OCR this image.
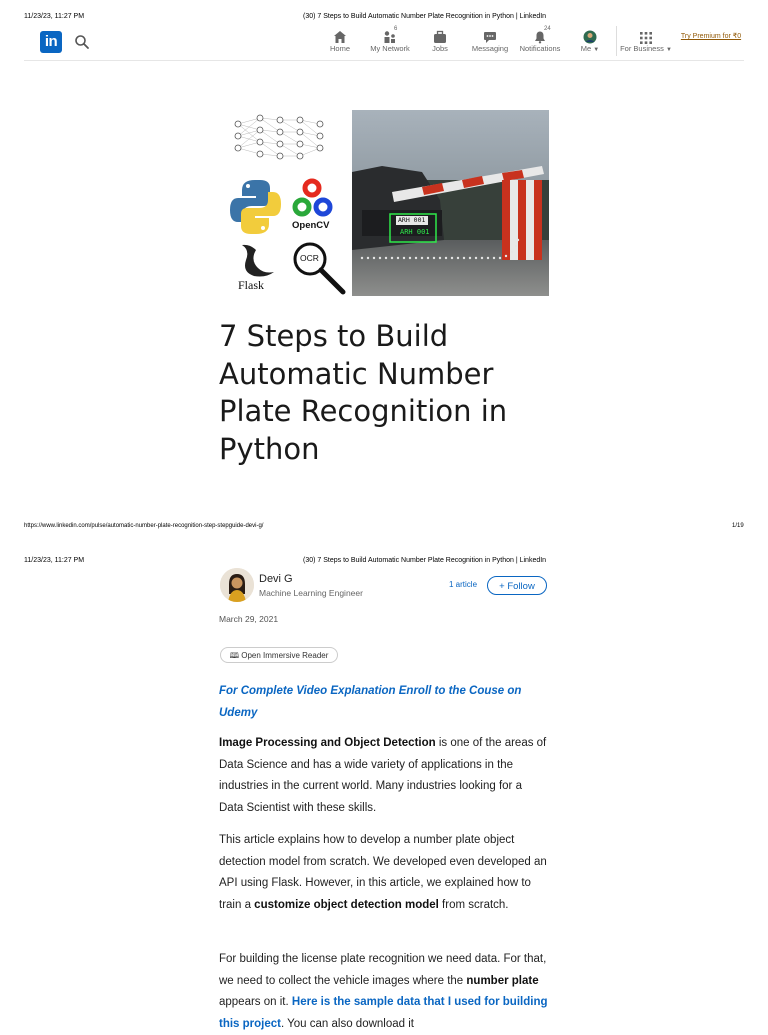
11/23/23, 11:27 PM	(30) 7 Steps to Build Automatic Number Plate Recognition in Python | LinkedIn
in	Home
6
My Network	Jobs	Messaging
24
Notifications	Me ▼	For Business ▼
Try Premium for ₹0
OpenCV
Flask
OCR
ARH 001
ARH 001
7 Steps to Build Automatic Number Plate Recognition in Python
https://www.linkedin.com/pulse/automatic-number-plate-recognition-step-stepguide-devi-g/	1/19
11/23/23, 11:27 PM	(30) 7 Steps to Build Automatic Number Plate Recognition in Python | LinkedIn
Devi G
Machine Learning Engineer
1 article	+ Follow
March 29, 2021
🕮 Open Immersive Reader
For Complete Video Explanation Enroll to the Couse on Udemy
Image Processing and Object Detection is one of the areas of Data Science and has a wide variety of applications in the industries in the current world. Many industries looking for a Data Scientist with these skills.
This article explains how to develop a number plate object detection model from scratch. We developed even developed an API using Flask. However, in this article, we explained how to train a customize object detection model from scratch.
For building the license plate recognition we need data. For that, we need to collect the vehicle images where the number plate appears on it. Here is the sample data that I used for building this project. You can also download it
